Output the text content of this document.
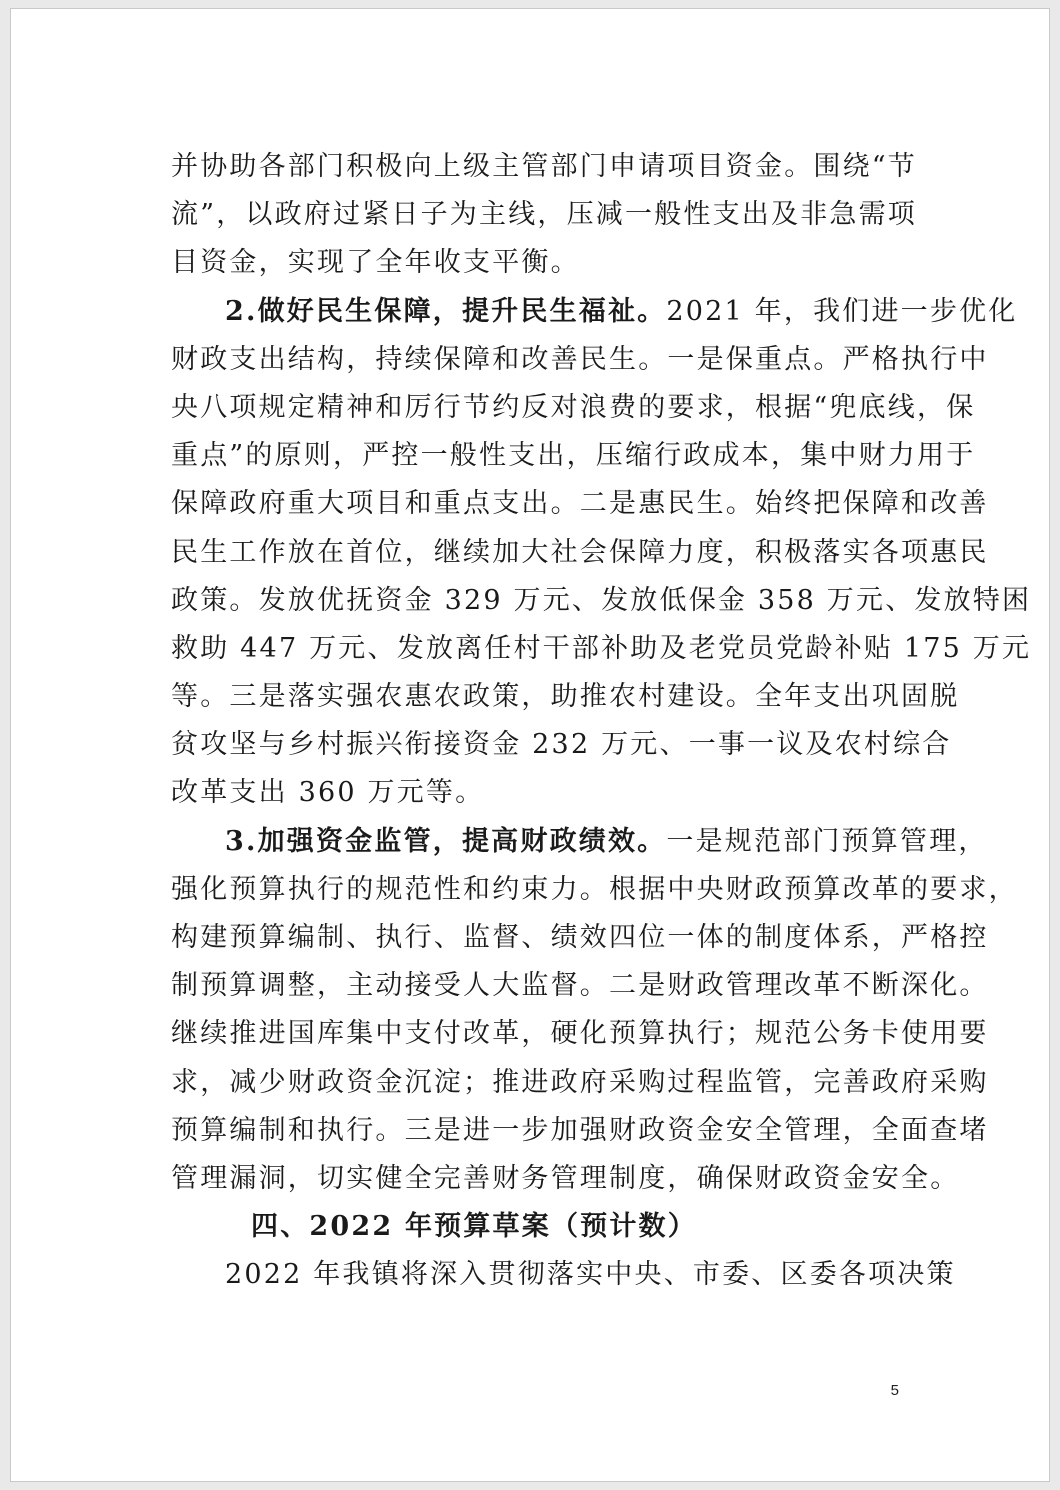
并协助各部门积极向上级主管部门申请项目资金。围绕“节
流”，以政府过紧日子为主线，压减一般性支出及非急需项
目资金，实现了全年收支平衡。
2.做好民生保障，提升民生福祉。2021 年，我们进一步优化
财政支出结构，持续保障和改善民生。一是保重点。严格执行中
央八项规定精神和厉行节约反对浪费的要求，根据“兜底线，保
重点”的原则，严控一般性支出，压缩行政成本，集中财力用于
保障政府重大项目和重点支出。二是惠民生。始终把保障和改善
民生工作放在首位，继续加大社会保障力度，积极落实各项惠民
政策。发放优抚资金 329 万元、发放低保金 358 万元、发放特困
救助 447 万元、发放离任村干部补助及老党员党龄补贴 175 万元
等。三是落实强农惠农政策，助推农村建设。全年支出巩固脱
贫攻坚与乡村振兴衔接资金 232 万元、一事一议及农村综合
改革支出 360 万元等。
3.加强资金监管，提高财政绩效。一是规范部门预算管理，
强化预算执行的规范性和约束力。根据中央财政预算改革的要求，
构建预算编制、执行、监督、绩效四位一体的制度体系，严格控
制预算调整，主动接受人大监督。二是财政管理改革不断深化。
继续推进国库集中支付改革，硬化预算执行；规范公务卡使用要
求，减少财政资金沉淀；推进政府采购过程监管，完善政府采购
预算编制和执行。三是进一步加强财政资金安全管理，全面查堵
管理漏洞，切实健全完善财务管理制度，确保财政资金安全。
四、2022 年预算草案（预计数）
2022 年我镇将深入贯彻落实中央、市委、区委各项决策
5
